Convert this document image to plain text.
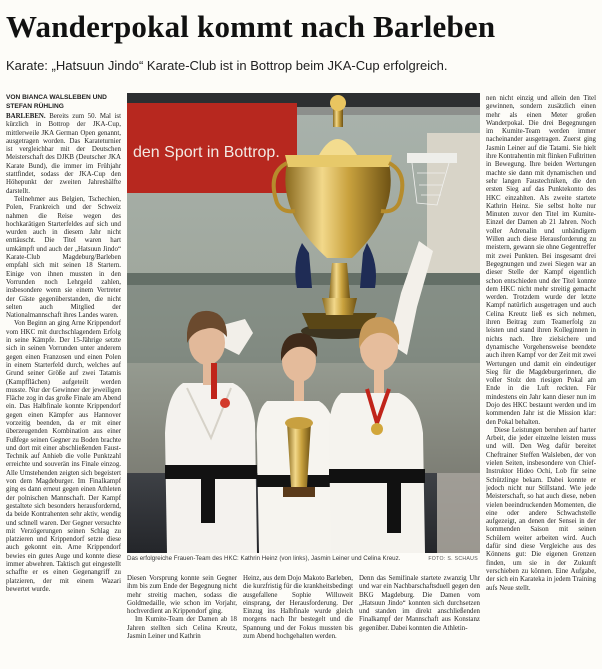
Wanderpokal kommt nach Barleben
Karate: „Hatsuun Jindo“ Karate-Club ist in Bottrop beim JKA-Cup erfolgreich.
VON BIANCA WALSLEBEN UND STEFAN RÜHLING

BARLEBEN. Bereits zum 50. Mal ist kürzlich in Bottrop der JKA-Cup, mittlerweile JKA German Open genannt, ausgetragen worden. Das Karateturnier ist vergleichbar mit der Deutschen Meisterschaft des DJKB (Deutscher JKA Karate Bund), die immer im Frühjahr stattfindet, sodass der JKA-Cup den Höhepunkt der zweiten Jahreshälfte darstellt.

Teilnehmer aus Belgien, Tschechien, Polen, Frankreich und der Schweiz nahmen die Reise wegen des hochkarätigen Starterfeldes auf sich und wurden auch in diesem Jahr nicht enttäuscht. Die Titel waren hart umkämpft und auch der „Hatsuun Jindo“ Karate-Club Magdeburg/Barleben empfahl sich mit seinen 18 Startern. Einige von ihnen mussten in den Vorrunden noch Lehrgeld zahlen, insbesondere wenn sie einem Vertreter der Gäste gegenüberstanden, die nicht selten auch Mitglied der Nationalmannschaft ihres Landes waren.

Von Beginn an ging Arne Krippendorf vom HKC mit durchschlagendem Erfolg in seine Kämpfe. Der 15-Jährige setzte sich in seinen Vorrunden unter anderem gegen einen Franzosen und einen Polen in einem Starterfeld durch, welches auf Grund seiner Größe auf zwei Tatamis (Kampfflächen) aufgeteilt werden musste. Nur der Gewinner der jeweiligen Fläche zog in das große Finale am Abend ein. Das Halbfinale konnte Krippendorf gegen einen Kämpfer aus Hannover vorzeitig beenden, da er mit einer überzeugenden Kombination aus einer Fußfege seinen Gegner zu Boden brachte und dort mit einer abschließenden Faust-Technik auf Anhieb die volle Punktzahl erreichte und souverän ins Finale einzog. Alle Umstehenden zeigten sich begeistert von dem Magdeburger. Im Finalkampf ging es dann erneut gegen einen Athleten der polnischen Mannschaft. Der Kampf gestaltete sich besonders herausfordernd, da beide Kontrahenten sehr aktiv, wendig und schnell waren. Der Gegner versuchte mit Verzögerungen seinen Schlag zu platzieren und Krippendorf setzte diese auch gekonnt ein. Arne Krippendorf bewies ein gutes Auge und konnte diese immer abwehren. Taktisch gut eingestellt schaffte er es einen Gegenangriff zu platzieren, der mit einem Wazari bewertet wurde.

den Sport in Bottrop.
Das erfolgreiche Frauen-Team des HKC: Kathrin Heinz (von links), Jasmin Leiner und Celina Kreuz.	FOTO: S. SCHAUS

Diesen Vorsprung konnte sein Gegner ihm bis zum Ende der Begegnung nicht mehr streitig machen, sodass die Goldmedaille, wie schon im Vorjahr, hochverdient an Krippendorf ging.

Im Kumite-Team der Damen ab 18 Jahren stellten sich Celina Kreutz, Jasmin Leiner und Kathrin

Heinz, aus dem Dojo Makoto Barleben, die kurzfristig für die krankheitsbedingt ausgefallene Sophie Willuweit einsprang, der Herausforderung. Der Einzug ins Halbfinale wurde gleich morgens nach Ihr bestegelt und die Spannung und der Fokus mussten bis zum Abend hochgehalten werden.

Denn das Semifinale startete zwanzig Uhr und war ein Nachbarschaftsduell gegen den BKG Magdeburg. Die Damen vom „Hatsuun Jindo“ konnten sich durchsetzen und standen im direkt anschließenden Finalkampf der Mannschaft aus Konstanz gegenüber. Dabei konnten die Athletin-

nen nicht einzig und allein den Titel gewinnen, sondern zusätzlich einen mehr als einen Meter großen Wanderpokal. Die drei Begegnungen im Kumite-Team werden immer nacheinander ausgetragen. Zuerst ging Jasmin Leiner auf die Tatami. Sie hielt ihre Kontrahentin mit flinken Fußtritten in Bewegung. Ihre beiden Wertungen machte sie dann mit dynamischen und sehr langen Faustechniken, die den ersten Sieg auf das Punktekonto des HKC einzahlten. Als zweite startete Kathrin Heinz. Sie selbst holte nur Minuten zuvor den Titel im Kumite-Einzel der Damen ab 21 Jahren. Noch voller Adrenalin und unbändigem Willen auch diese Herausforderung zu meistern, gewann sie ohne Gegentreffer mit zwei Punkten. Bei insgesamt drei Begegnungen und zwei Siegen war an dieser Stelle der Kampf eigentlich schon entschieden und der Titel konnte dem HKC nicht mehr streitig gemacht werden. Trotzdem wurde der letzte Kampf natürlich ausgetragen und auch Celina Kreutz ließ es sich nehmen, ihren Beitrag zum Teamerfolg zu leisten und stand ihren Kolleginnen in nichts nach. Ihre zielsichere und dynamische Vorgehensweise beendete auch ihren Kampf vor der Zeit mit zwei Wertungen und damit ein eindeutiger Sieg für die Magdeburgerinnen, die voller Stolz den riesigen Pokal am Ende in die Luft reckten. Für mindestens ein Jahr kann dieser nun im Dojo des HKC bestaunt werden und im kommenden Jahr ist die Mission klar: den Pokal behalten.

Diese Leistungen beruhen auf harter Arbeit, die jeder einzelne leisten muss und will. Den Weg dafür bereitet Cheftrainer Steffen Walsleben, der von vielen Seiten, insbesondere von Chief-Instruktor Hideo Ochi, Lob für seine Schützlinge bekam. Dabei konnte er jedoch nicht nur Stillstand. Wie jede Meisterschaft, so hat auch diese, neben vielen beeindruckenden Momenten, die eine oder andere Schwachstelle aufgezeigt, an denen der Sensei in der kommenden Saison mit seinen Schülern weiter arbeiten wird. Auch dafür sind diese Vergleiche aus des Könnens gut: Die eigenen Grenzen finden, um sie in der Zukunft verschieben zu können. Eine Aufgabe, der sich ein Karateka in jedem Training aufs Neue stellt.
